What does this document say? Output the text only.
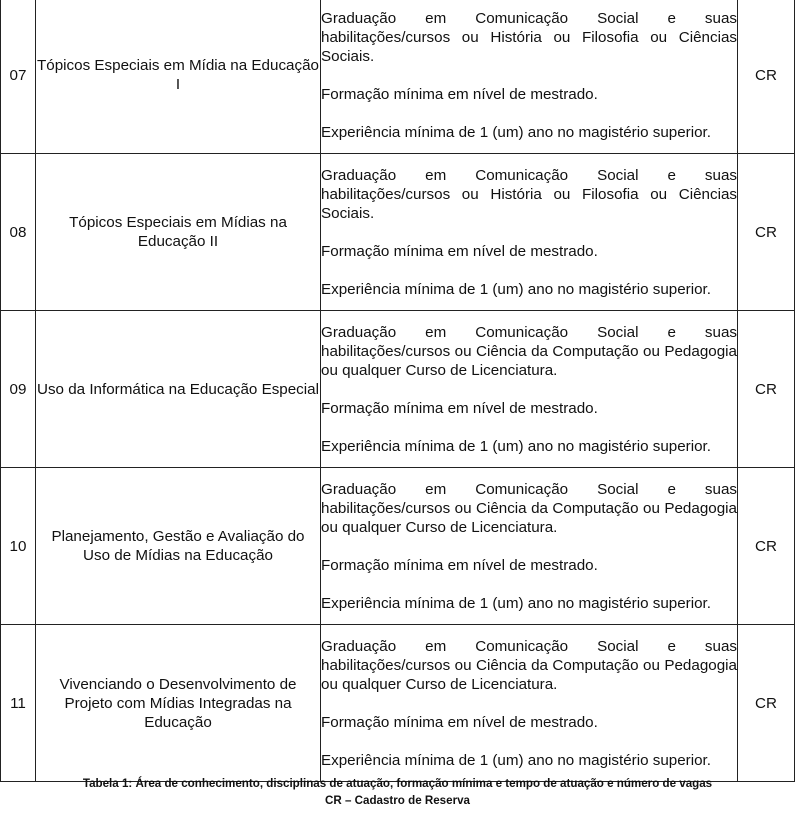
07	Tópicos Especiais em Mídia na Educação I	Graduação em Comunicação Social e suas habilitações/cursos ou História ou Filosofia ou Ciências Sociais.

Formação mínima em nível de mestrado.

Experiência mínima de 1 (um) ano no magistério superior.	CR
08	Tópicos Especiais em Mídias na Educação II	Graduação em Comunicação Social e suas habilitações/cursos ou História ou Filosofia ou Ciências Sociais.

Formação mínima em nível de mestrado.

Experiência mínima de 1 (um) ano no magistério superior.	CR
09	Uso da Informática na Educação Especial	Graduação em Comunicação Social e suas habilitações/cursos ou Ciência da Computação ou Pedagogia ou qualquer Curso de Licenciatura.

Formação mínima em nível de mestrado.

Experiência mínima de 1 (um) ano no magistério superior.	CR
10	Planejamento, Gestão e Avaliação do Uso de Mídias na Educação	Graduação em Comunicação Social e suas habilitações/cursos ou Ciência da Computação ou Pedagogia ou qualquer Curso de Licenciatura.

Formação mínima em nível de mestrado.

Experiência mínima de 1 (um) ano no magistério superior.	CR
11	Vivenciando o Desenvolvimento de Projeto com Mídias Integradas na Educação	Graduação em Comunicação Social e suas habilitações/cursos ou Ciência da Computação ou Pedagogia ou qualquer Curso de Licenciatura.

Formação mínima em nível de mestrado.

Experiência mínima de 1 (um) ano no magistério superior.	CR
Tabela 1: Área de conhecimento, disciplinas de atuação, formação mínima e tempo de atuação e número de vagas
CR – Cadastro de Reserva
